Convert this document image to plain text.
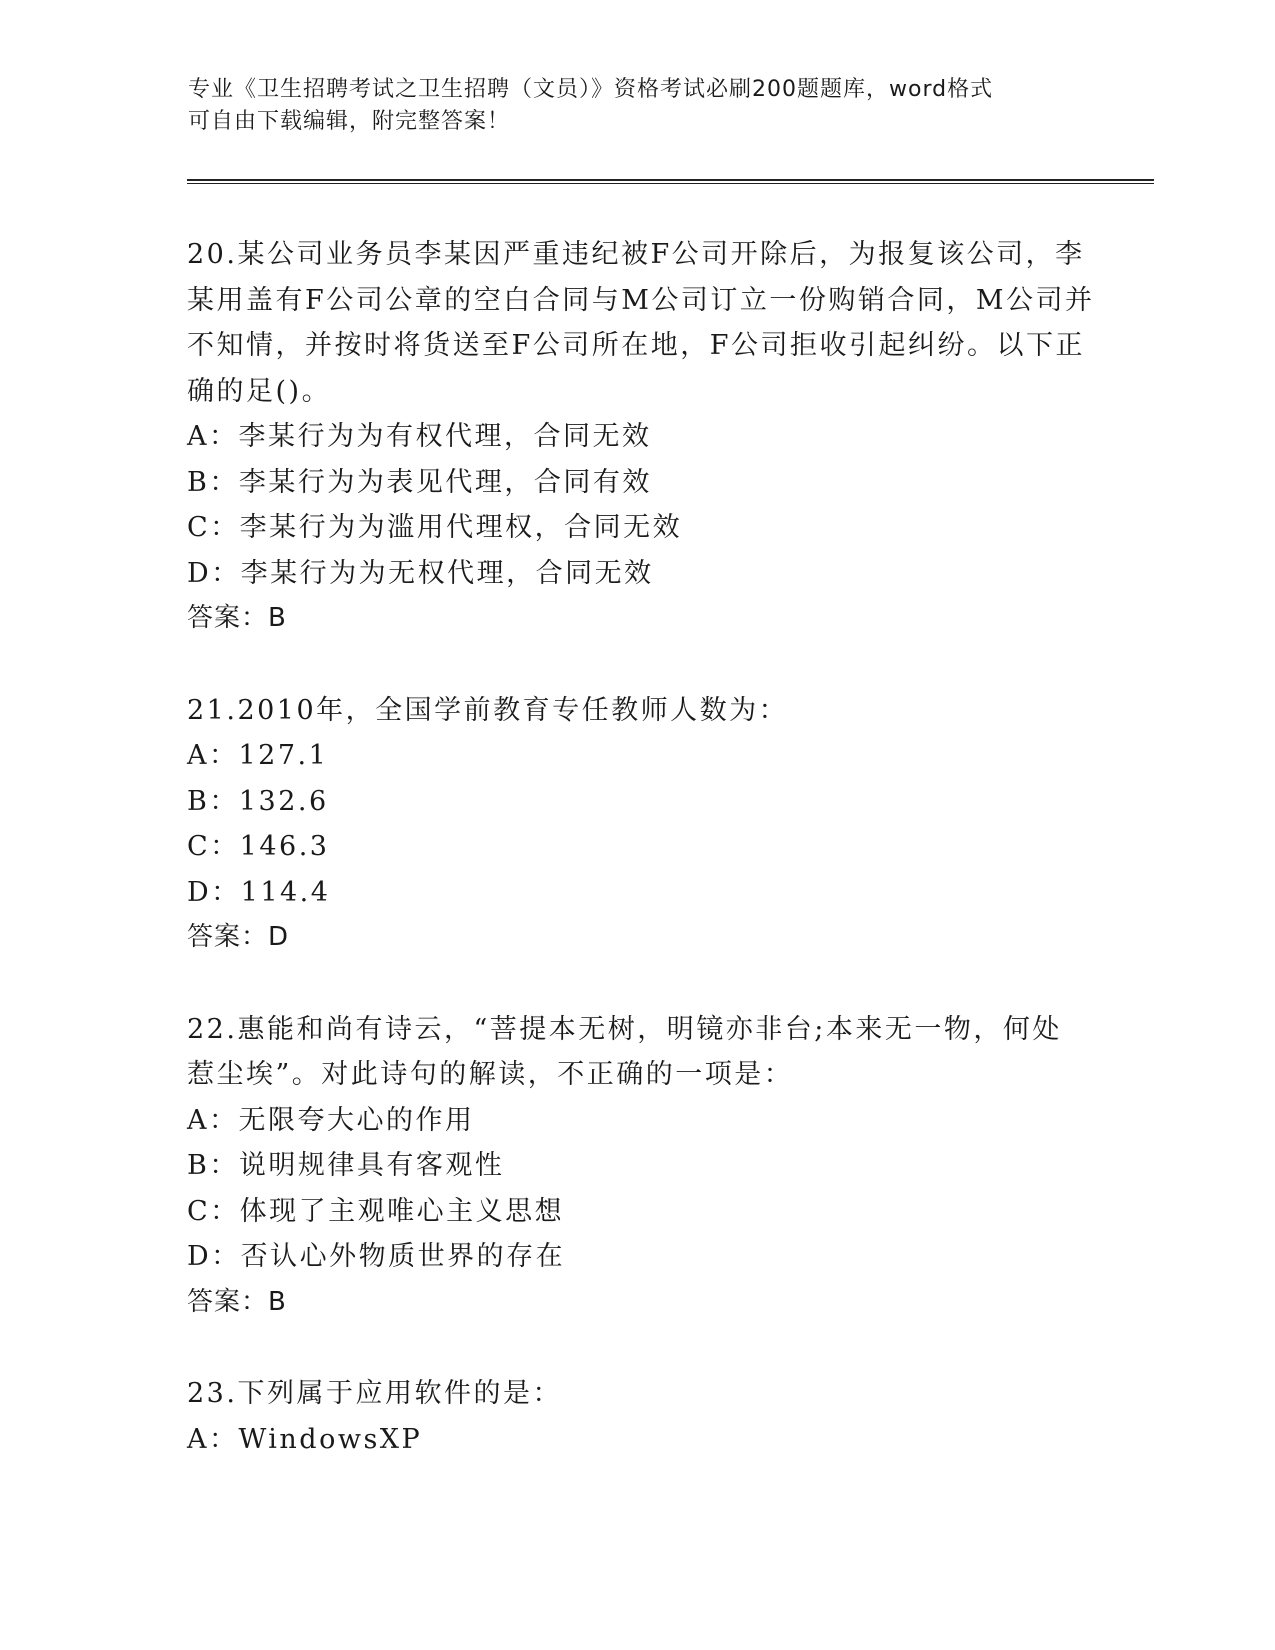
专业《卫生招聘考试之卫生招聘（文员）》资格考试必刷200题题库，word格式
可自由下载编辑，附完整答案！
20.某公司业务员李某因严重违纪被F公司开除后，为报复该公司，李
某用盖有F公司公章的空白合同与M公司订立一份购销合同，M公司并
不知情，并按时将货送至F公司所在地，F公司拒收引起纠纷。以下正
确的足()。
A：李某行为为有权代理，合同无效
B：李某行为为表见代理，合同有效
C：李某行为为滥用代理权，合同无效
D：李某行为为无权代理，合同无效
答案：B
21.2010年，全国学前教育专任教师人数为：
A：127.1
B：132.6
C：146.3
D：114.4
答案：D
22.惠能和尚有诗云，“菩提本无树，明镜亦非台;本来无一物，何处
惹尘埃”。对此诗句的解读，不正确的一项是：
A：无限夸大心的作用
B：说明规律具有客观性
C：体现了主观唯心主义思想
D：否认心外物质世界的存在
答案：B
23.下列属于应用软件的是：
A：WindowsXP
